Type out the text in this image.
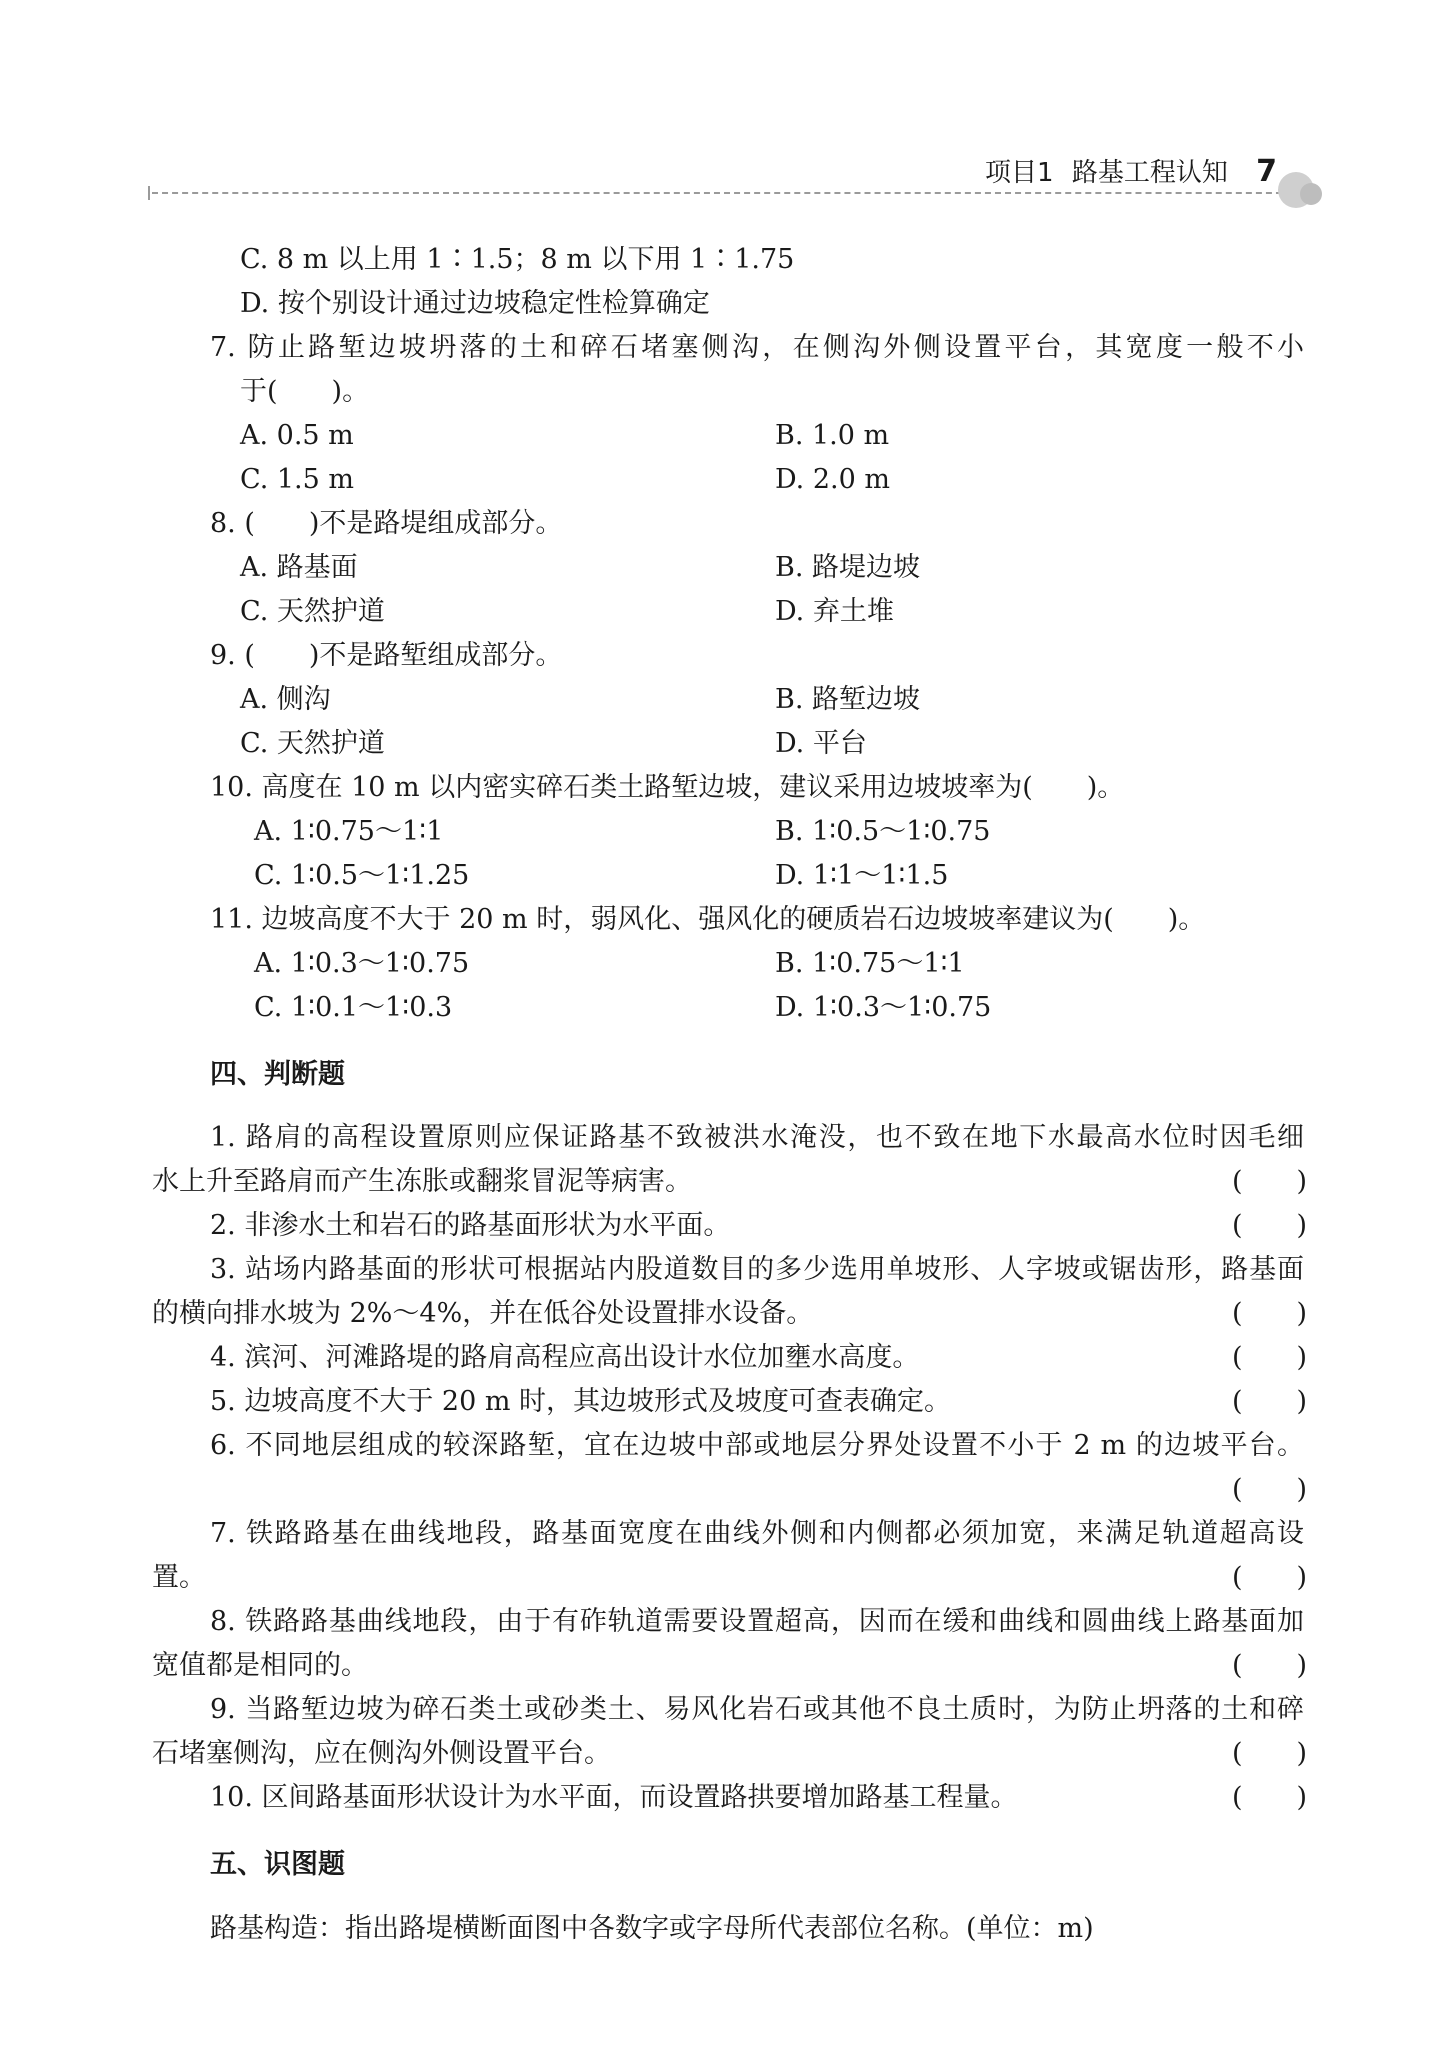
项目1 路基工程认知 7
C. 8 m 以上用 1∶1.5；8 m 以下用 1∶1.75
D. 按个别设计通过边坡稳定性检算确定
7. 防止路堑边坡坍落的土和碎石堵塞侧沟，在侧沟外侧设置平台，其宽度一般不小
于(　　)。
A. 0.5 m	B. 1.0 m
C. 1.5 m	D. 2.0 m
8. (　　)不是路堤组成部分。
A. 路基面	B. 路堤边坡
C. 天然护道	D. 弃土堆
9. (　　)不是路堑组成部分。
A. 侧沟	B. 路堑边坡
C. 天然护道	D. 平台
10. 高度在 10 m 以内密实碎石类土路堑边坡，建议采用边坡坡率为(　　)。
A. 1∶0.75～1∶1	B. 1∶0.5～1∶0.75
C. 1∶0.5～1∶1.25	D. 1∶1～1∶1.5
11. 边坡高度不大于 20 m 时，弱风化、强风化的硬质岩石边坡坡率建议为(　　)。
A. 1∶0.3～1∶0.75	B. 1∶0.75～1∶1
C. 1∶0.1～1∶0.3	D. 1∶0.3～1∶0.75
四、判断题
1. 路肩的高程设置原则应保证路基不致被洪水淹没，也不致在地下水最高水位时因毛细
水上升至路肩而产生冻胀或翻浆冒泥等病害。	(　　)
2. 非渗水土和岩石的路基面形状为水平面。	(　　)
3. 站场内路基面的形状可根据站内股道数目的多少选用单坡形、人字坡或锯齿形，路基面
的横向排水坡为 2%～4%，并在低谷处设置排水设备。	(　　)
4. 滨河、河滩路堤的路肩高程应高出设计水位加壅水高度。	(　　)
5. 边坡高度不大于 20 m 时，其边坡形式及坡度可查表确定。	(　　)
6. 不同地层组成的较深路堑，宜在边坡中部或地层分界处设置不小于 2 m 的边坡平台。
(　　)
7. 铁路路基在曲线地段，路基面宽度在曲线外侧和内侧都必须加宽，来满足轨道超高设
置。	(　　)
8. 铁路路基曲线地段，由于有砟轨道需要设置超高，因而在缓和曲线和圆曲线上路基面加
宽值都是相同的。	(　　)
9. 当路堑边坡为碎石类土或砂类土、易风化岩石或其他不良土质时，为防止坍落的土和碎
石堵塞侧沟，应在侧沟外侧设置平台。	(　　)
10. 区间路基面形状设计为水平面，而设置路拱要增加路基工程量。	(　　)
五、识图题
路基构造：指出路堤横断面图中各数字或字母所代表部位名称。(单位：m)
